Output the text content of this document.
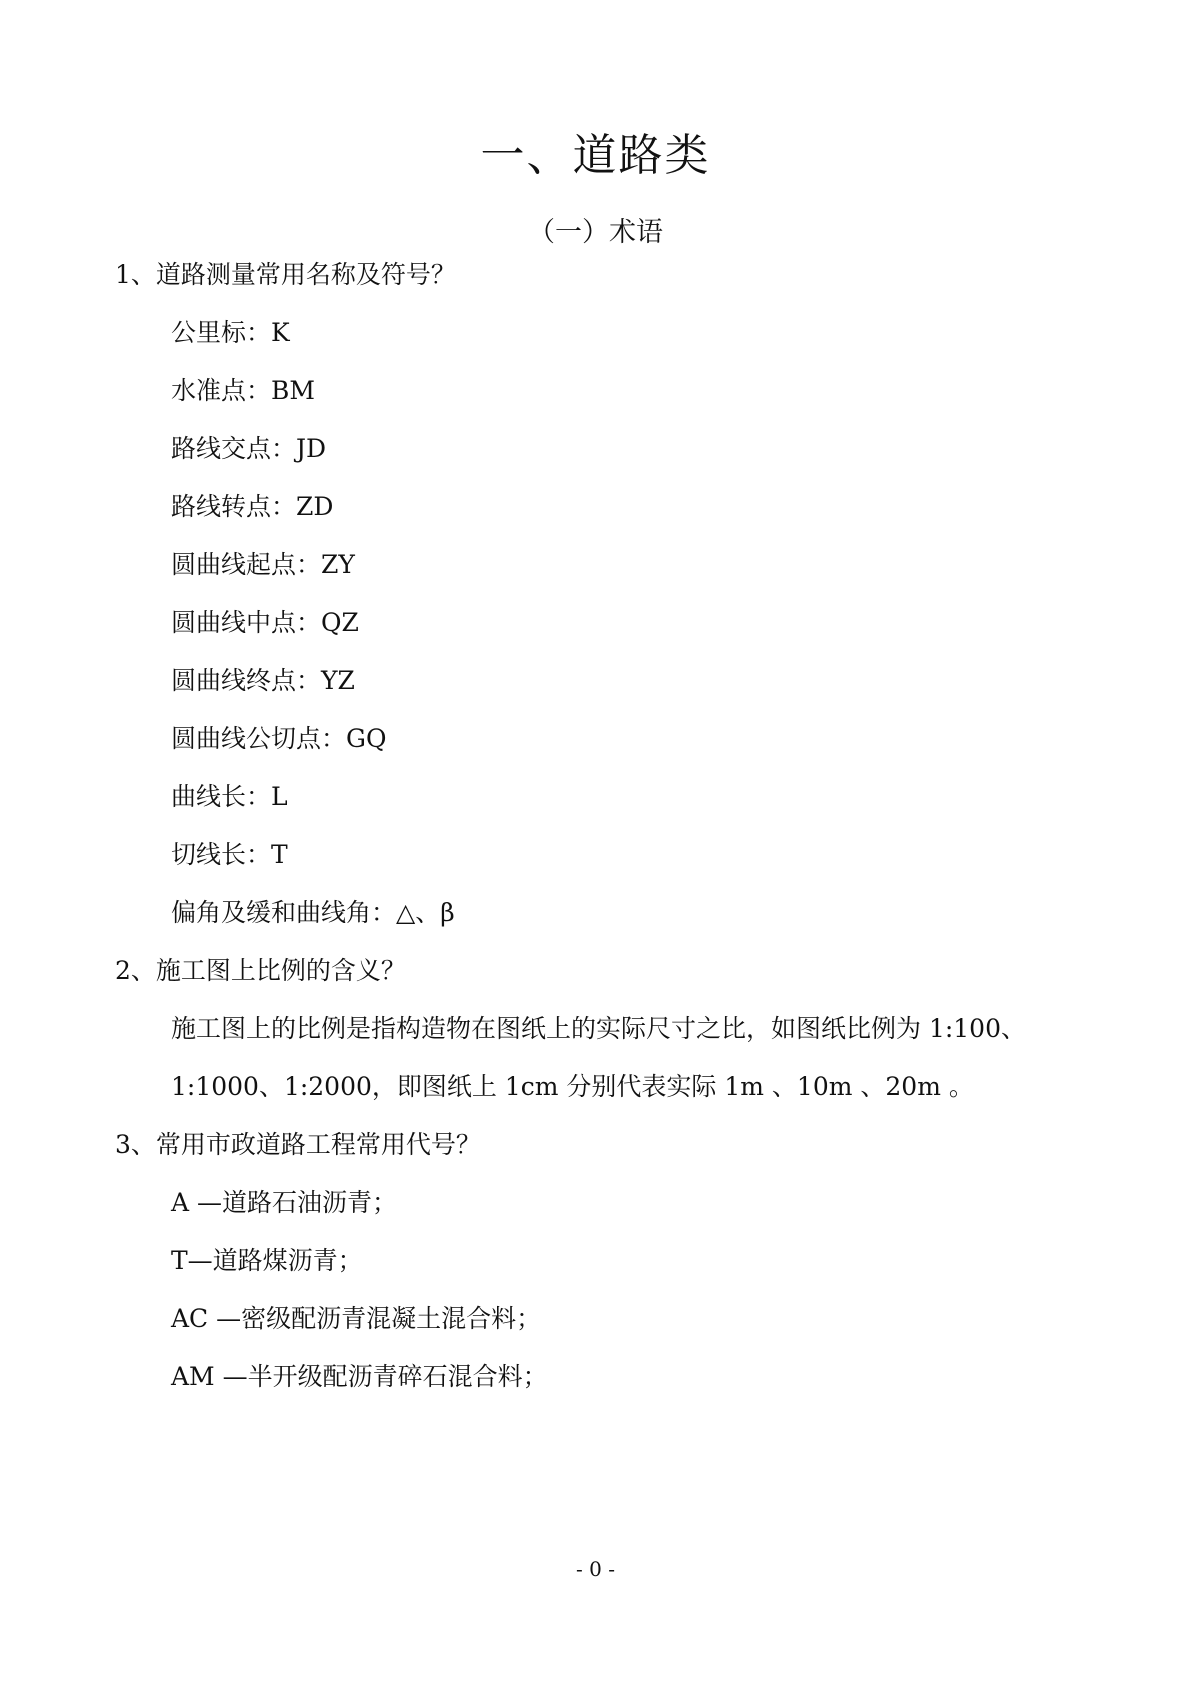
一、道路类
（一）术语
1、道路测量常用名称及符号？
公里标：K
水准点：BM
路线交点：JD
路线转点：ZD
圆曲线起点：ZY
圆曲线中点：QZ
圆曲线终点：YZ
圆曲线公切点：GQ
曲线长：L
切线长：T
偏角及缓和曲线角：△、β
2、施工图上比例的含义？
施工图上的比例是指构造物在图纸上的实际尺寸之比，如图纸比例为 1:100、
1:1000、1:2000，即图纸上 1cm 分别代表实际 1m 、10m 、20m 。
3、常用市政道路工程常用代号？
A —道路石油沥青；
T—道路煤沥青；
AC —密级配沥青混凝土混合料；
AM —半开级配沥青碎石混合料；
- 0 -
